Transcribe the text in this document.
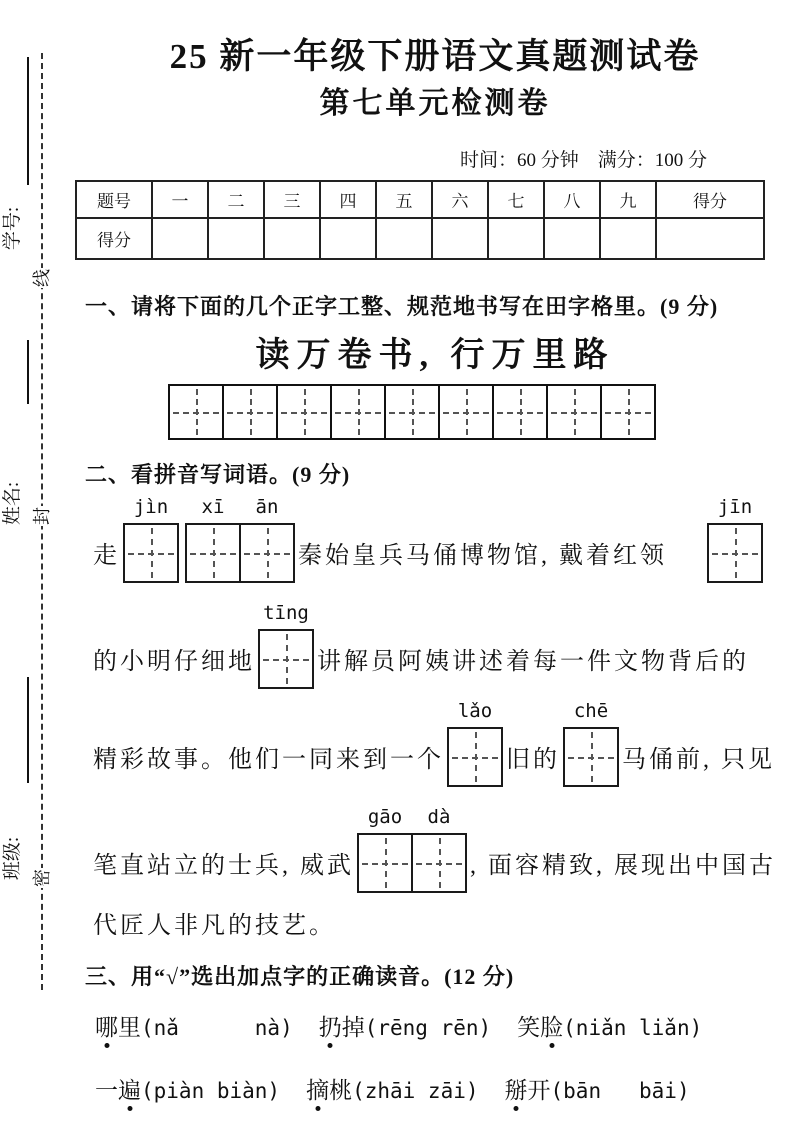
学号:
线
姓名: 封
班级: 密
25 新一年级下册语文真题测试卷
第七单元检测卷
时间：60 分钟    满分：100 分
题号	一	二	三	四	五	六	七	八	九	得分
得分										
一、请将下面的几个正字工整、规范地书写在田字格里。(9 分)
读万卷书, 行万里路
二、看拼音写词语。(9 分)
走
jìn	xī	ān
秦始皇兵马俑博物馆, 戴着红领
jīn
的小明仔细地
tīng
讲解员阿姨讲述着每一件文物背后的
精彩故事。他们一同来到一个
lǎo
旧的
chē
马俑前, 只见
笔直站立的士兵, 威武
gāo	dà
, 面容精致, 展现出中国古
代匠人非凡的技艺。
三、用“√”选出加点字的正确读音。(12 分)
哪里(nǎ      nà) 扔掉(rēng rēn) 笑脸(niǎn liǎn)
一遍(piàn biàn) 摘桃(zhāi zāi) 掰开(bān   bāi)
